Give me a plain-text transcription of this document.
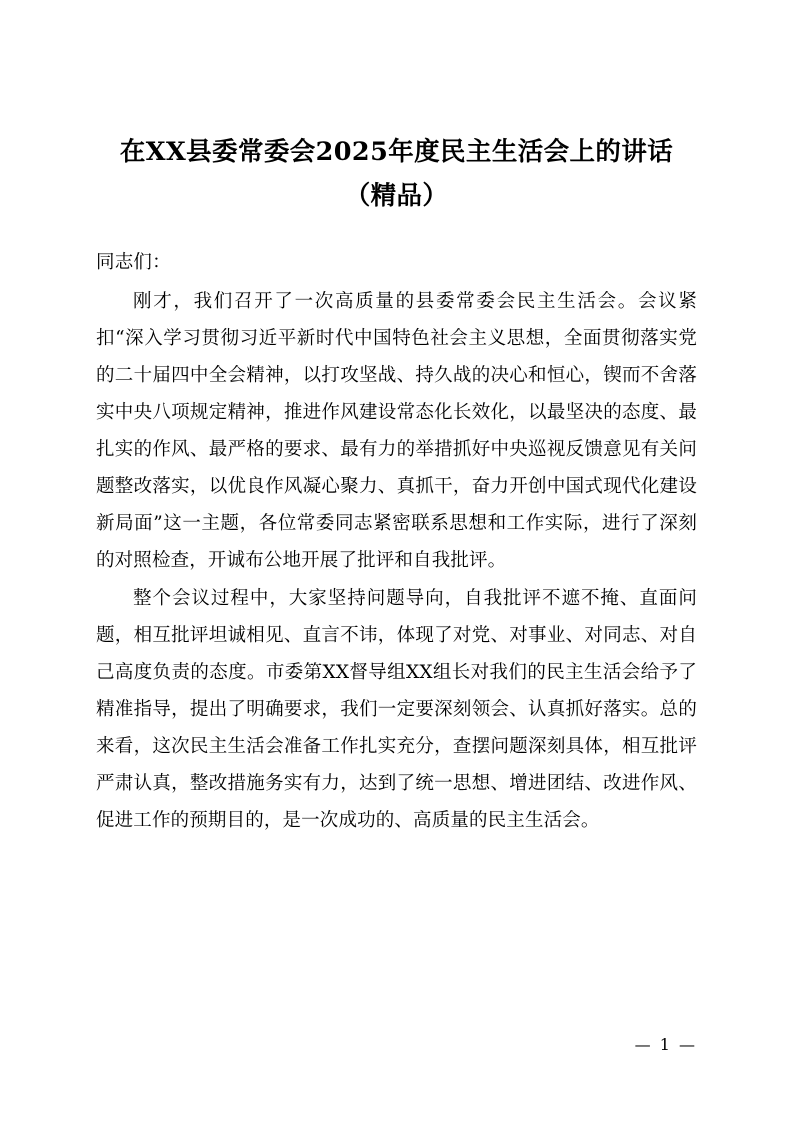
在XX县委常委会2025年度民主生活会上的讲话（精品）

同志们：

刚才，我们召开了一次高质量的县委常委会民主生活会。会议紧扣“深入学习贯彻习近平新时代中国特色社会主义思想，全面贯彻落实党的二十届四中全会精神，以打攻坚战、持久战的决心和恒心，锲而不舍落实中央八项规定精神，推进作风建设常态化长效化，以最坚决的态度、最扎实的作风、最严格的要求、最有力的举措抓好中央巡视反馈意见有关问题整改落实，以优良作风凝心聚力、真抓干，奋力开创中国式现代化建设新局面”这一主题，各位常委同志紧密联系思想和工作实际，进行了深刻的对照检查，开诚布公地开展了批评和自我批评。

整个会议过程中，大家坚持问题导向，自我批评不遮不掩、直面问题，相互批评坦诚相见、直言不讳，体现了对党、对事业、对同志、对自己高度负责的态度。市委第XX督导组XX组长对我们的民主生活会给予了精准指导，提出了明确要求，我们一定要深刻领会、认真抓好落实。总的来看，这次民主生活会准备工作扎实充分，查摆问题深刻具体，相互批评严肃认真，整改措施务实有力，达到了统一思想、增进团结、改进作风、促进工作的预期目的，是一次成功的、高质量的民主生活会。

— 1 —
